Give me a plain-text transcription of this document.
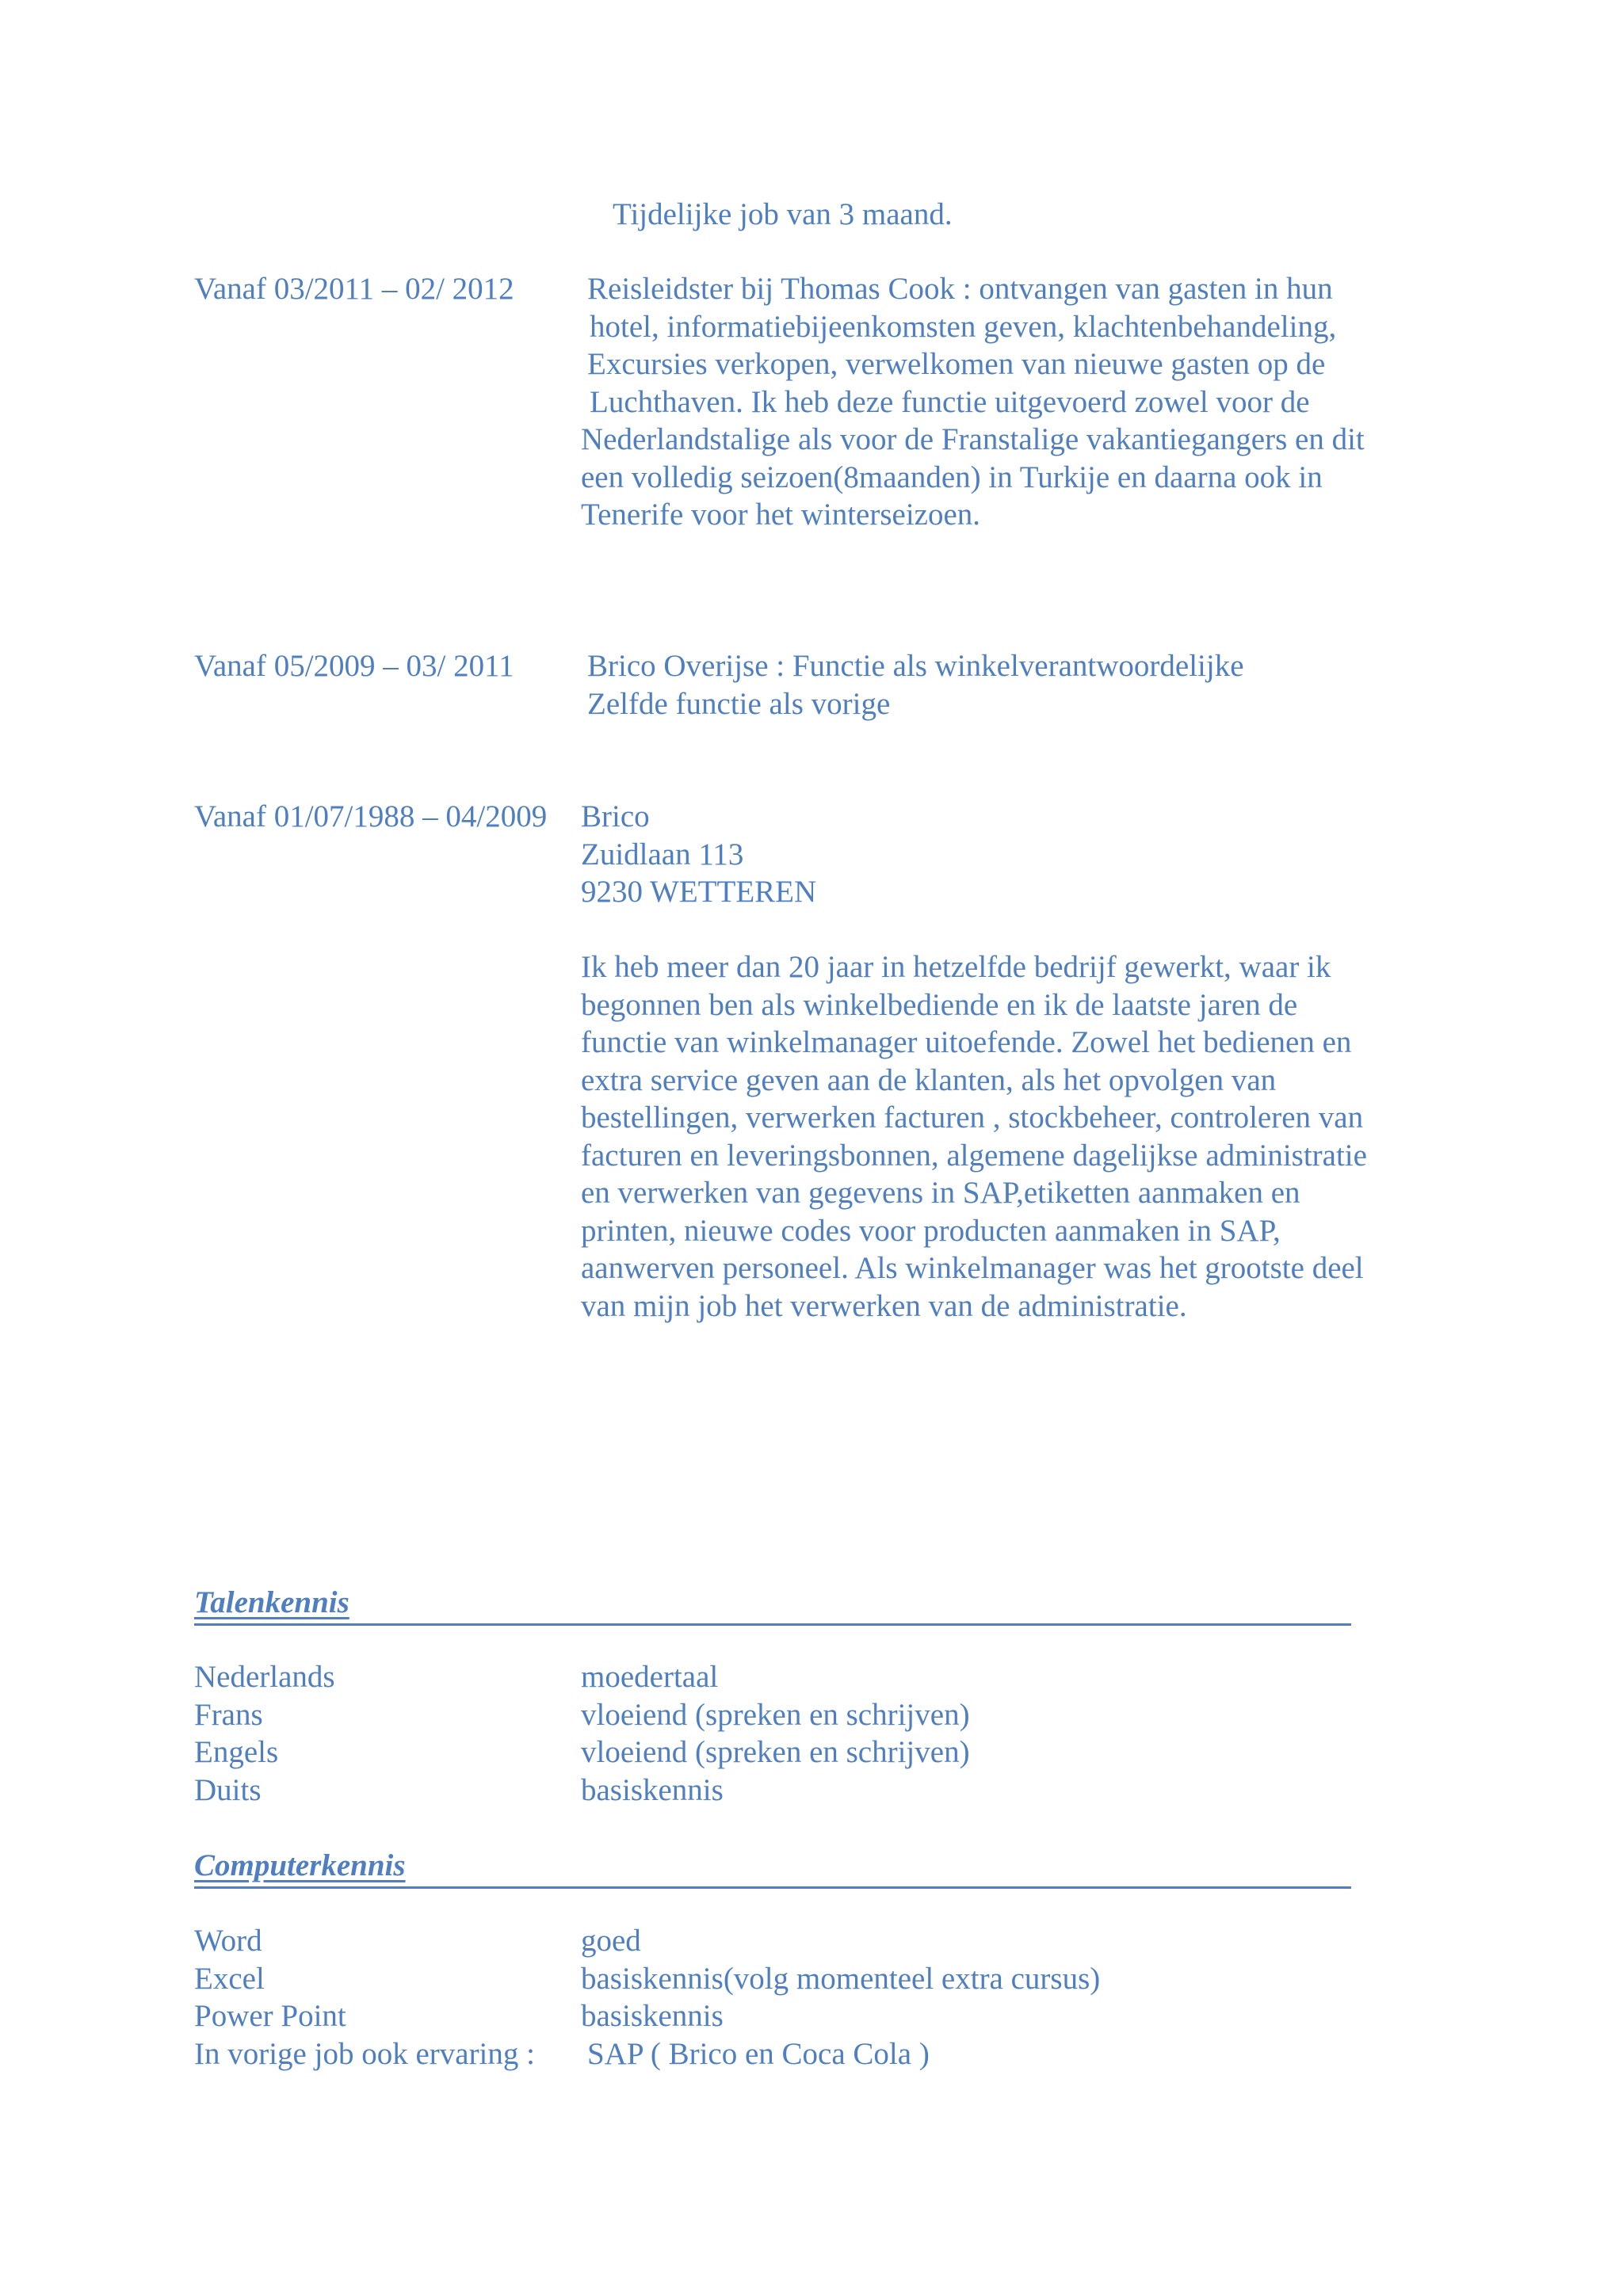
Tijdelijke job van 3 maand.
Vanaf 03/2011 – 02/ 2012 Reisleidster bij Thomas Cook : ontvangen van gasten in hun
hotel, informatiebijeenkomsten geven, klachtenbehandeling,
Excursies verkopen, verwelkomen van nieuwe gasten op de
Luchthaven. Ik heb deze functie uitgevoerd zowel voor de
Nederlandstalige als voor de Franstalige vakantiegangers en dit
een volledig seizoen(8maanden) in Turkije en daarna ook in
Tenerife voor het winterseizoen.
Vanaf 05/2009 – 03/ 2011 Brico Overijse : Functie als winkelverantwoordelijke
Zelfde functie als vorige
Vanaf 01/07/1988 – 04/2009 Brico
Zuidlaan 113
9230 WETTEREN
Ik heb meer dan 20 jaar in hetzelfde bedrijf gewerkt, waar ik
begonnen ben als winkelbediende en ik de laatste jaren de
functie van winkelmanager uitoefende. Zowel het bedienen en
extra service geven aan de klanten, als het opvolgen van
bestellingen, verwerken facturen , stockbeheer, controleren van
facturen en leveringsbonnen, algemene dagelijkse administratie
en verwerken van gegevens in SAP,etiketten aanmaken en
printen, nieuwe codes voor producten aanmaken in SAP,
aanwerven personeel. Als winkelmanager was het grootste deel
van mijn job het verwerken van de administratie.
Talenkennis
Nederlands
Frans
Engels
Duits
moedertaal
vloeiend (spreken en schrijven)
vloeiend (spreken en schrijven)
basiskennis
Computerkennis
Word
Excel
Power Point
In vorige job ook ervaring :
goed
basiskennis(volg momenteel extra cursus)
basiskennis
SAP ( Brico en Coca Cola )
